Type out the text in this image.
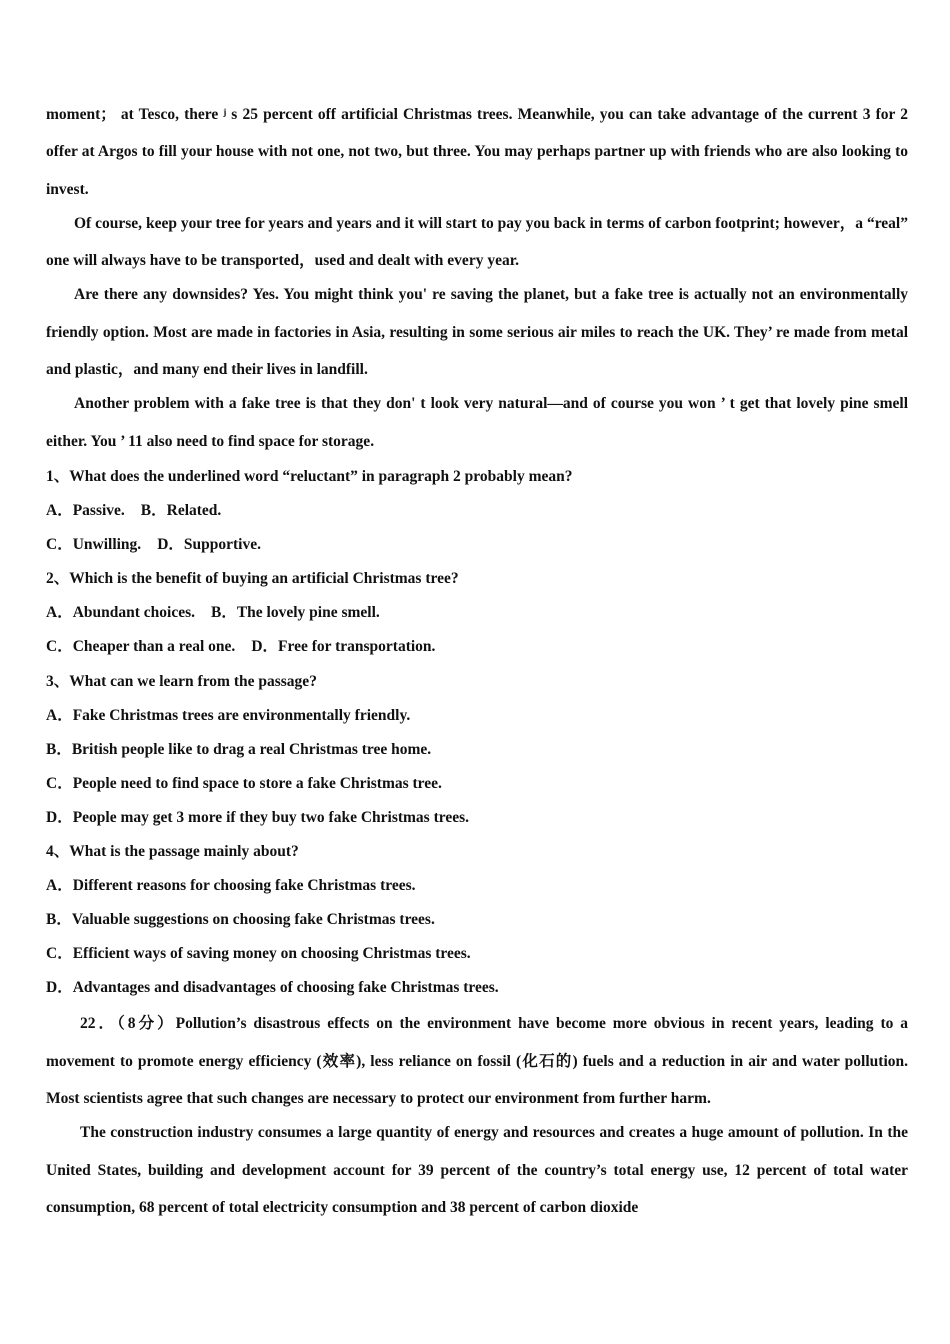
moment； at Tesco, there ʲ s 25 percent off artificial Christmas trees. Meanwhile, you can take advantage of the current 3 for 2 offer at Argos to fill your house with not one, not two, but three. You may perhaps partner up with friends who are also looking to invest.

Of course, keep your tree for years and years and it will start to pay you back in terms of carbon footprint; however，a “real” one will always have to be transported，used and dealt with every year.

Are there any downsides? Yes. You might think you' re saving the planet, but a fake tree is actually not an environmentally friendly option. Most are made in factories in Asia, resulting in some serious air miles to reach the UK. They’ re made from metal and plastic，and many end their lives in landfill.

Another problem with a fake tree is that they don' t look very natural—and of course you won ’ t get that lovely pine smell either. You ’ 11 also need to find space for storage.

1、What does the underlined word “reluctant” in paragraph 2 probably mean?

A．Passive. B．Related.

C．Unwilling. D．Supportive.

2、Which is the benefit of buying an artificial Christmas tree?

A．Abundant choices. B．The lovely pine smell.

C．Cheaper than a real one. D．Free for transportation.

3、What can we learn from the passage?

A．Fake Christmas trees are environmentally friendly.

B．British people like to drag a real Christmas tree home.

C．People need to find space to store a fake Christmas tree.

D．People may get 3 more if they buy two fake Christmas trees.

4、What is the passage mainly about?

A．Different reasons for choosing fake Christmas trees.

B．Valuable suggestions on choosing fake Christmas trees.

C．Efficient ways of saving money on choosing Christmas trees.

D．Advantages and disadvantages of choosing fake Christmas trees.

22．（8分）Pollution’s disastrous effects on the environment have become more obvious in recent years, leading to a movement to promote energy efficiency (效率), less reliance on fossil (化石的) fuels and a reduction in air and water pollution. Most scientists agree that such changes are necessary to protect our environment from further harm.

The construction industry consumes a large quantity of energy and resources and creates a huge amount of pollution. In the United States, building and development account for 39 percent of the country’s total energy use, 12 percent of total water consumption, 68 percent of total electricity consumption and 38 percent of carbon dioxide
